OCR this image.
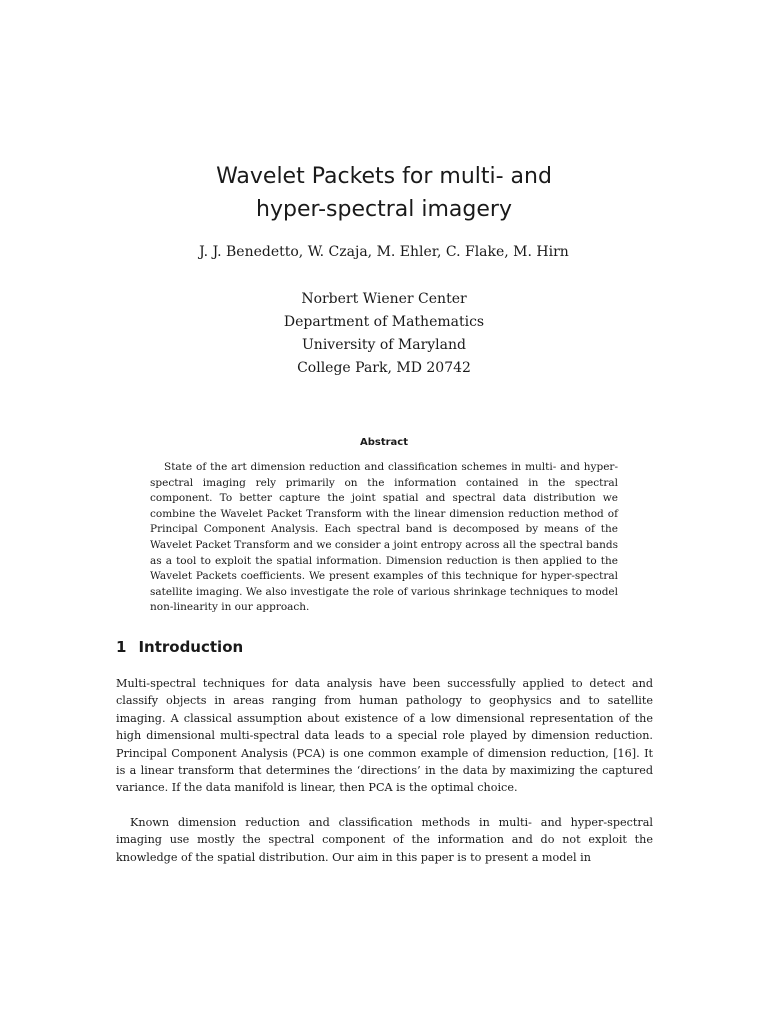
Wavelet Packets for multi- and
hyper-spectral imagery
J. J. Benedetto, W. Czaja, M. Ehler, C. Flake, M. Hirn
Norbert Wiener Center
Department of Mathematics
University of Maryland
College Park, MD 20742
Abstract
State of the art dimension reduction and classification schemes in multi- and hyper-spectral imaging rely primarily on the information contained in the spectral component. To better capture the joint spatial and spectral data distribution we combine the Wavelet Packet Transform with the linear dimension reduction method of Principal Component Analysis. Each spectral band is decomposed by means of the Wavelet Packet Transform and we consider a joint entropy across all the spectral bands as a tool to exploit the spatial information. Dimension reduction is then applied to the Wavelet Packets coefficients. We present examples of this technique for hyper-spectral satellite imaging. We also investigate the role of various shrinkage techniques to model non-linearity in our approach.
1 Introduction
Multi-spectral techniques for data analysis have been successfully applied to detect and classify objects in areas ranging from human pathology to geophysics and to satellite imaging. A classical assumption about existence of a low dimensional representation of the high dimensional multi-spectral data leads to a special role played by dimension reduction. Principal Component Analysis (PCA) is one common example of dimension reduction, [16]. It is a linear transform that determines the ‘directions’ in the data by maximizing the captured variance. If the data manifold is linear, then PCA is the optimal choice.
Known dimension reduction and classification methods in multi- and hyper-spectral imaging use mostly the spectral component of the information and do not exploit the knowledge of the spatial distribution. Our aim in this paper is to present a model in
